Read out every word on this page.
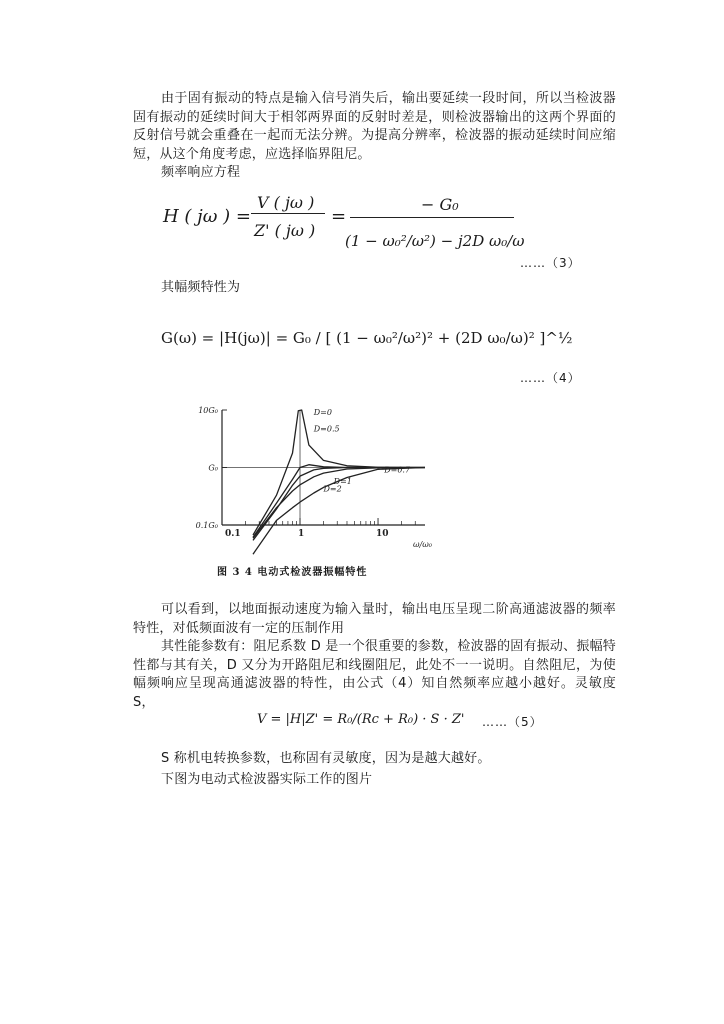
由于固有振动的特点是输入信号消失后，输出要延续一段时间，所以当检波器固有振动的延续时间大于相邻两界面的反射时差是，则检波器输出的这两个界面的反射信号就会重叠在一起而无法分辨。为提高分辨率，检波器的振动延续时间应缩短，从这个角度考虑，应选择临界阻尼。
频率响应方程
H ( jω ) =
V ( jω )
Z' ( jω )
=
− G₀
(1 − ω₀²/ω²) − j2D ω₀/ω
……（3）
其幅频特性为
G(ω) = |H(jω)| = G₀ / [ (1 − ω₀²/ω²)² + (2D ω₀/ω)² ]^½
……（4）
0.1	1	10
10G₀
G₀
0.1G₀
ω/ω₀
D=0
D=0.5
D=0.7
D=1
D=2
图 3 4 电动式检波器振幅特性
可以看到，以地面振动速度为输入量时，输出电压呈现二阶高通滤波器的频率特性，对低频面波有一定的压制作用
其性能参数有：阻尼系数 D 是一个很重要的参数，检波器的固有振动、振幅特性都与其有关，D 又分为开路阻尼和线圈阻尼，此处不一一说明。自然阻尼，为使幅频响应呈现高通滤波器的特性，由公式（4）知自然频率应越小越好。灵敏度 S，
V = |H|Z' = R₀/(Rc + R₀) · S · Z' ……（5）
S 称机电转换参数，也称固有灵敏度，因为是越大越好。
下图为电动式检波器实际工作的图片
